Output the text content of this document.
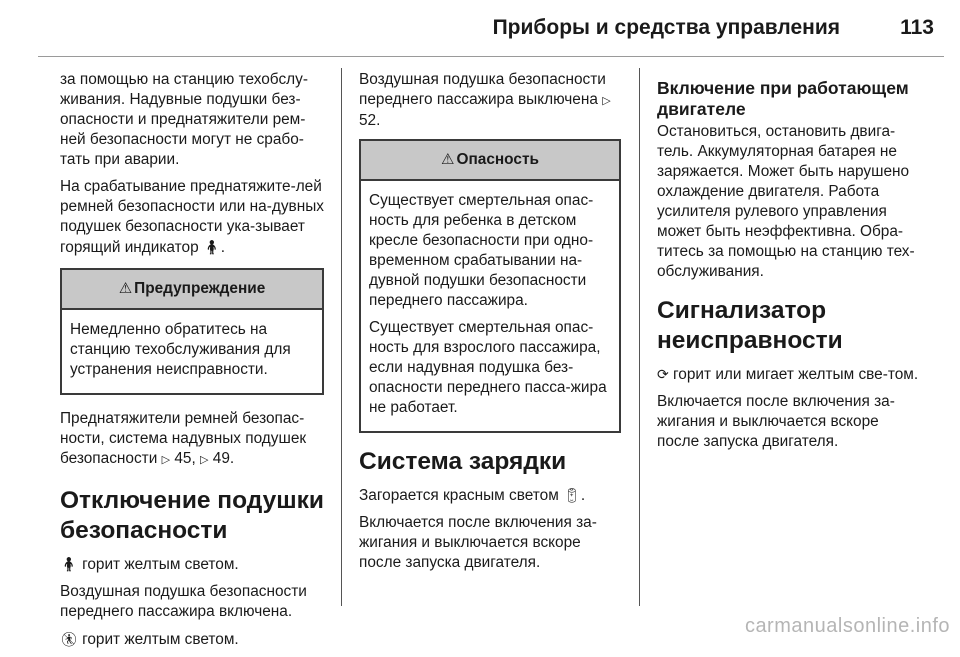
Приборы и средства управления	113

за помощью на станцию техобслу-живания. Надувные подушки без-опасности и преднатяжители рем-ней безопасности могут не срабо-тать при аварии.

На срабатывание преднатяжите-лей ремней безопасности или на-дувных подушек безопасности ука-зывает горящий индикатор 🧍︎.

⚠ Предупреждение

Немедленно обратитесь на станцию техобслуживания для устранения неисправности.

Преднатяжители ремней безопас-ности, система надувных подушек безопасности ▷ 45, ▷ 49.

Отключение подушки безопасности

🧍︎ горит желтым светом.

Воздушная подушка безопасности переднего пассажира включена.

🚷︎ горит желтым светом.

Воздушная подушка безопасности переднего пассажира выключена ▷ 52.

⚠ Опасность

Существует смертельная опас-ность для ребенка в детском кресле безопасности при одно-временном срабатывании на-дувной подушки безопасности переднего пассажира.

Существует смертельная опас-ность для взрослого пассажира, если надувная подушка без-опасности переднего пасса-жира не работает.

Система зарядки

Загорается красным светом 🔋︎.

Включается после включения за-жигания и выключается вскоре после запуска двигателя.

Включение при работающем двигателе

Остановиться, остановить двига-тель. Аккумуляторная батарея не заряжается. Может быть нарушено охлаждение двигателя. Работа усилителя рулевого управления может быть неэффективна. Обра-титесь за помощью на станцию тех-обслуживания.

Сигнализатор неисправности

⟳ горит или мигает желтым све-том.

Включается после включения за-жигания и выключается вскоре после запуска двигателя.

carmanualsonline.info
